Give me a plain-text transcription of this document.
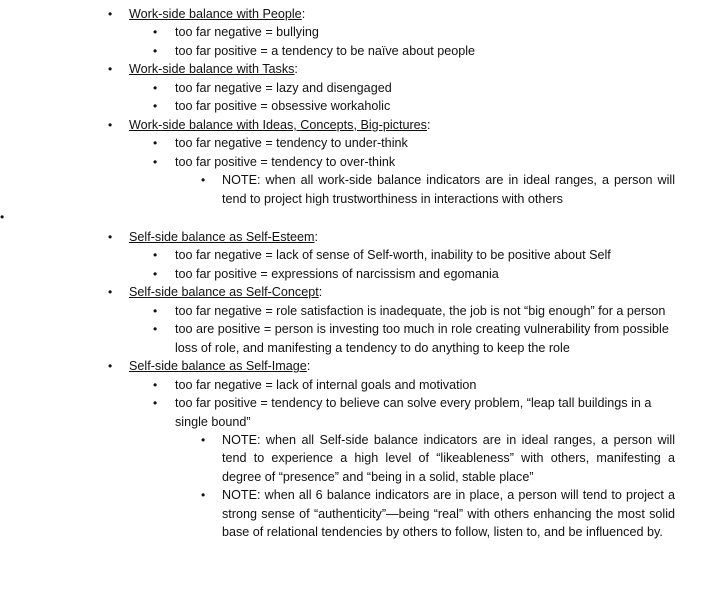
• Work-side balance with People:
• too far negative = bullying
• too far positive = a tendency to be naïve about people
• Work-side balance with Tasks:
• too far negative = lazy and disengaged
• too far positive = obsessive workaholic
• Work-side balance with Ideas, Concepts, Big-pictures:
• too far negative = tendency to under-think
• too far positive = tendency to over-think
• NOTE: when all work-side balance indicators are in ideal ranges, a person will tend to project high trustworthiness in interactions with others
•
• Self-side balance as Self-Esteem:
• too far negative = lack of sense of Self-worth, inability to be positive about Self
• too far positive = expressions of narcissism and egomania
• Self-side balance as Self-Concept:
• too far negative = role satisfaction is inadequate, the job is not “big enough” for a person
• too are positive = person is investing too much in role creating vulnerability from possible loss of role, and manifesting a tendency to do anything to keep the role
• Self-side balance as Self-Image:
• too far negative = lack of internal goals and motivation
• too far positive = tendency to believe can solve every problem, “leap tall buildings in a single bound”
• NOTE: when all Self-side balance indicators are in ideal ranges, a person will tend to experience a high level of “likeableness” with others, manifesting a degree of “presence” and “being in a solid, stable place”
• NOTE: when all 6 balance indicators are in place, a person will tend to project a strong sense of “authenticity”—being “real” with others enhancing the most solid base of relational tendencies by others to follow, listen to, and be influenced by.
